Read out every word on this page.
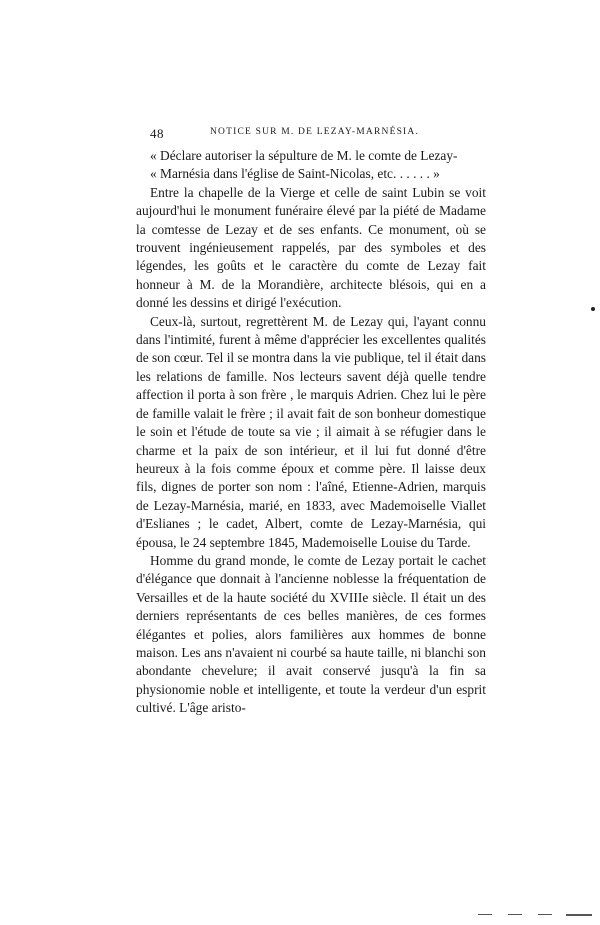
48	NOTICE SUR M. DE LEZAY-MARNÉSIA.

« Déclare autoriser la sépulture de M. le comte de Lezay-

« Marnésia dans l'église de Saint-Nicolas, etc. . . . . . »

Entre la chapelle de la Vierge et celle de saint Lubin se voit aujourd'hui le monument funéraire élevé par la piété de Madame la comtesse de Lezay et de ses enfants. Ce monument, où se trouvent ingénieusement rappelés, par des symboles et des légendes, les goûts et le caractère du comte de Lezay fait honneur à M. de la Morandière, architecte blésois, qui en a donné les dessins et dirigé l'exécution.

Ceux-là, surtout, regrettèrent M. de Lezay qui, l'ayant connu dans l'intimité, furent à même d'apprécier les excellentes qualités de son cœur. Tel il se montra dans la vie publique, tel il était dans les relations de famille. Nos lecteurs savent déjà quelle tendre affection il porta à son frère , le marquis Adrien. Chez lui le père de famille valait le frère ; il avait fait de son bonheur domestique le soin et l'étude de toute sa vie ; il aimait à se réfugier dans le charme et la paix de son intérieur, et il lui fut donné d'être heureux à la fois comme époux et comme père. Il laisse deux fils, dignes de porter son nom : l'aîné, Etienne-Adrien, marquis de Lezay-Marnésia, marié, en 1833, avec Mademoiselle Viallet d'Eslianes ; le cadet, Albert, comte de Lezay-Marnésia, qui épousa, le 24 septembre 1845, Mademoiselle Louise du Tarde.

Homme du grand monde, le comte de Lezay portait le cachet d'élégance que donnait à l'ancienne noblesse la fréquentation de Versailles et de la haute société du XVIIIe siècle. Il était un des derniers représentants de ces belles manières, de ces formes élégantes et polies, alors familières aux hommes de bonne maison. Les ans n'avaient ni courbé sa haute taille, ni blanchi son abondante chevelure; il avait conservé jusqu'à la fin sa physionomie noble et intelligente, et toute la verdeur d'un esprit cultivé. L'âge aristo-
